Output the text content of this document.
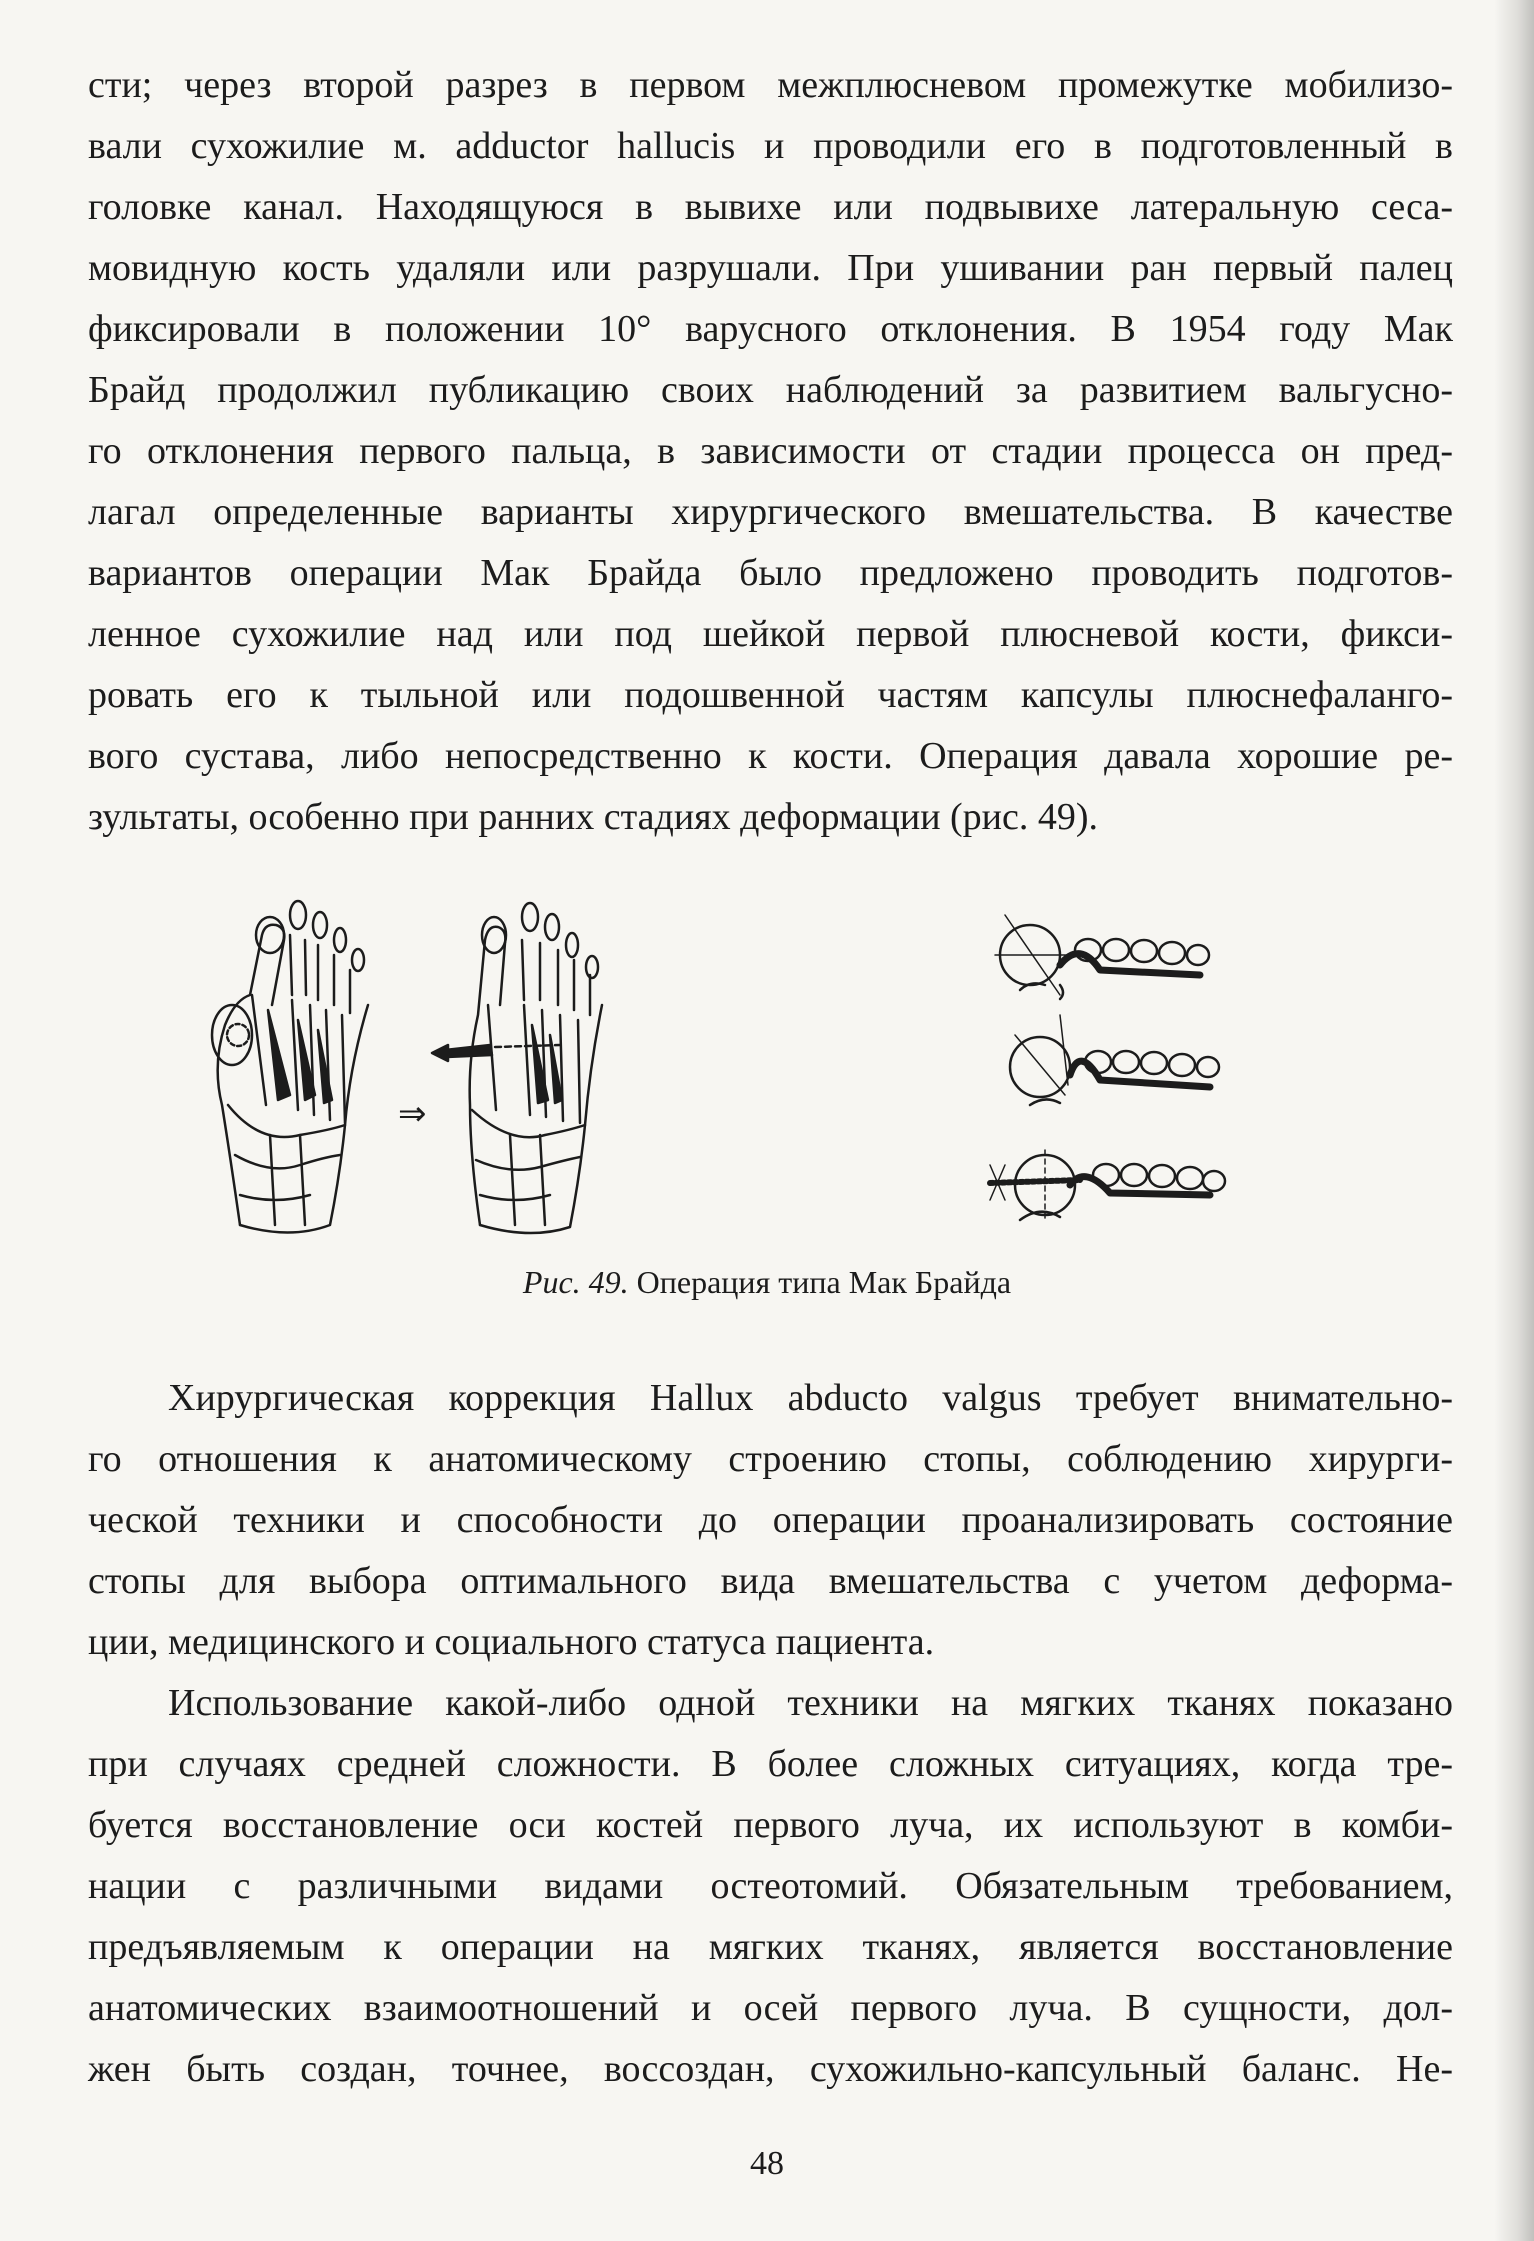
сти; через второй разрез в первом межплюсневом промежутке мобилизо-
вали сухожилие м. adductor hallucis и проводили его в подготовленный в
головке канал. Находящуюся в вывихе или подвывихе латеральную сеса-
мовидную кость удаляли или разрушали. При ушивании ран первый палец
фиксировали в положении 10° варусного отклонения. В 1954 году Мак
Брайд продолжил публикацию своих наблюдений за развитием вальгусно-
го отклонения первого пальца, в зависимости от стадии процесса он пред-
лагал определенные варианты хирургического вмешательства. В качестве
вариантов операции Мак Брайда было предложено проводить подготов-
ленное сухожилие над или под шейкой первой плюсневой кости, фикси-
ровать его к тыльной или подошвенной частям капсулы плюснефаланго-
вого сустава, либо непосредственно к кости. Операция давала хорошие ре-
зультаты, особенно при ранних стадиях деформации (рис. 49).
⇒
Рис. 49. Операция типа Мак Брайда
Хирургическая коррекция Hallux abducto valgus требует внимательно-
го отношения к анатомическому строению стопы, соблюдению хирурги-
ческой техники и способности до операции проанализировать состояние
стопы для выбора оптимального вида вмешательства с учетом деформа-
ции, медицинского и социального статуса пациента.
Использование какой-либо одной техники на мягких тканях показано
при случаях средней сложности. В более сложных ситуациях, когда тре-
буется восстановление оси костей первого луча, их используют в комби-
нации с различными видами остеотомий. Обязательным требованием,
предъявляемым к операции на мягких тканях, является восстановление
анатомических взаимоотношений и осей первого луча. В сущности, дол-
жен быть создан, точнее, воссоздан, сухожильно-капсульный баланс. Не-
48
